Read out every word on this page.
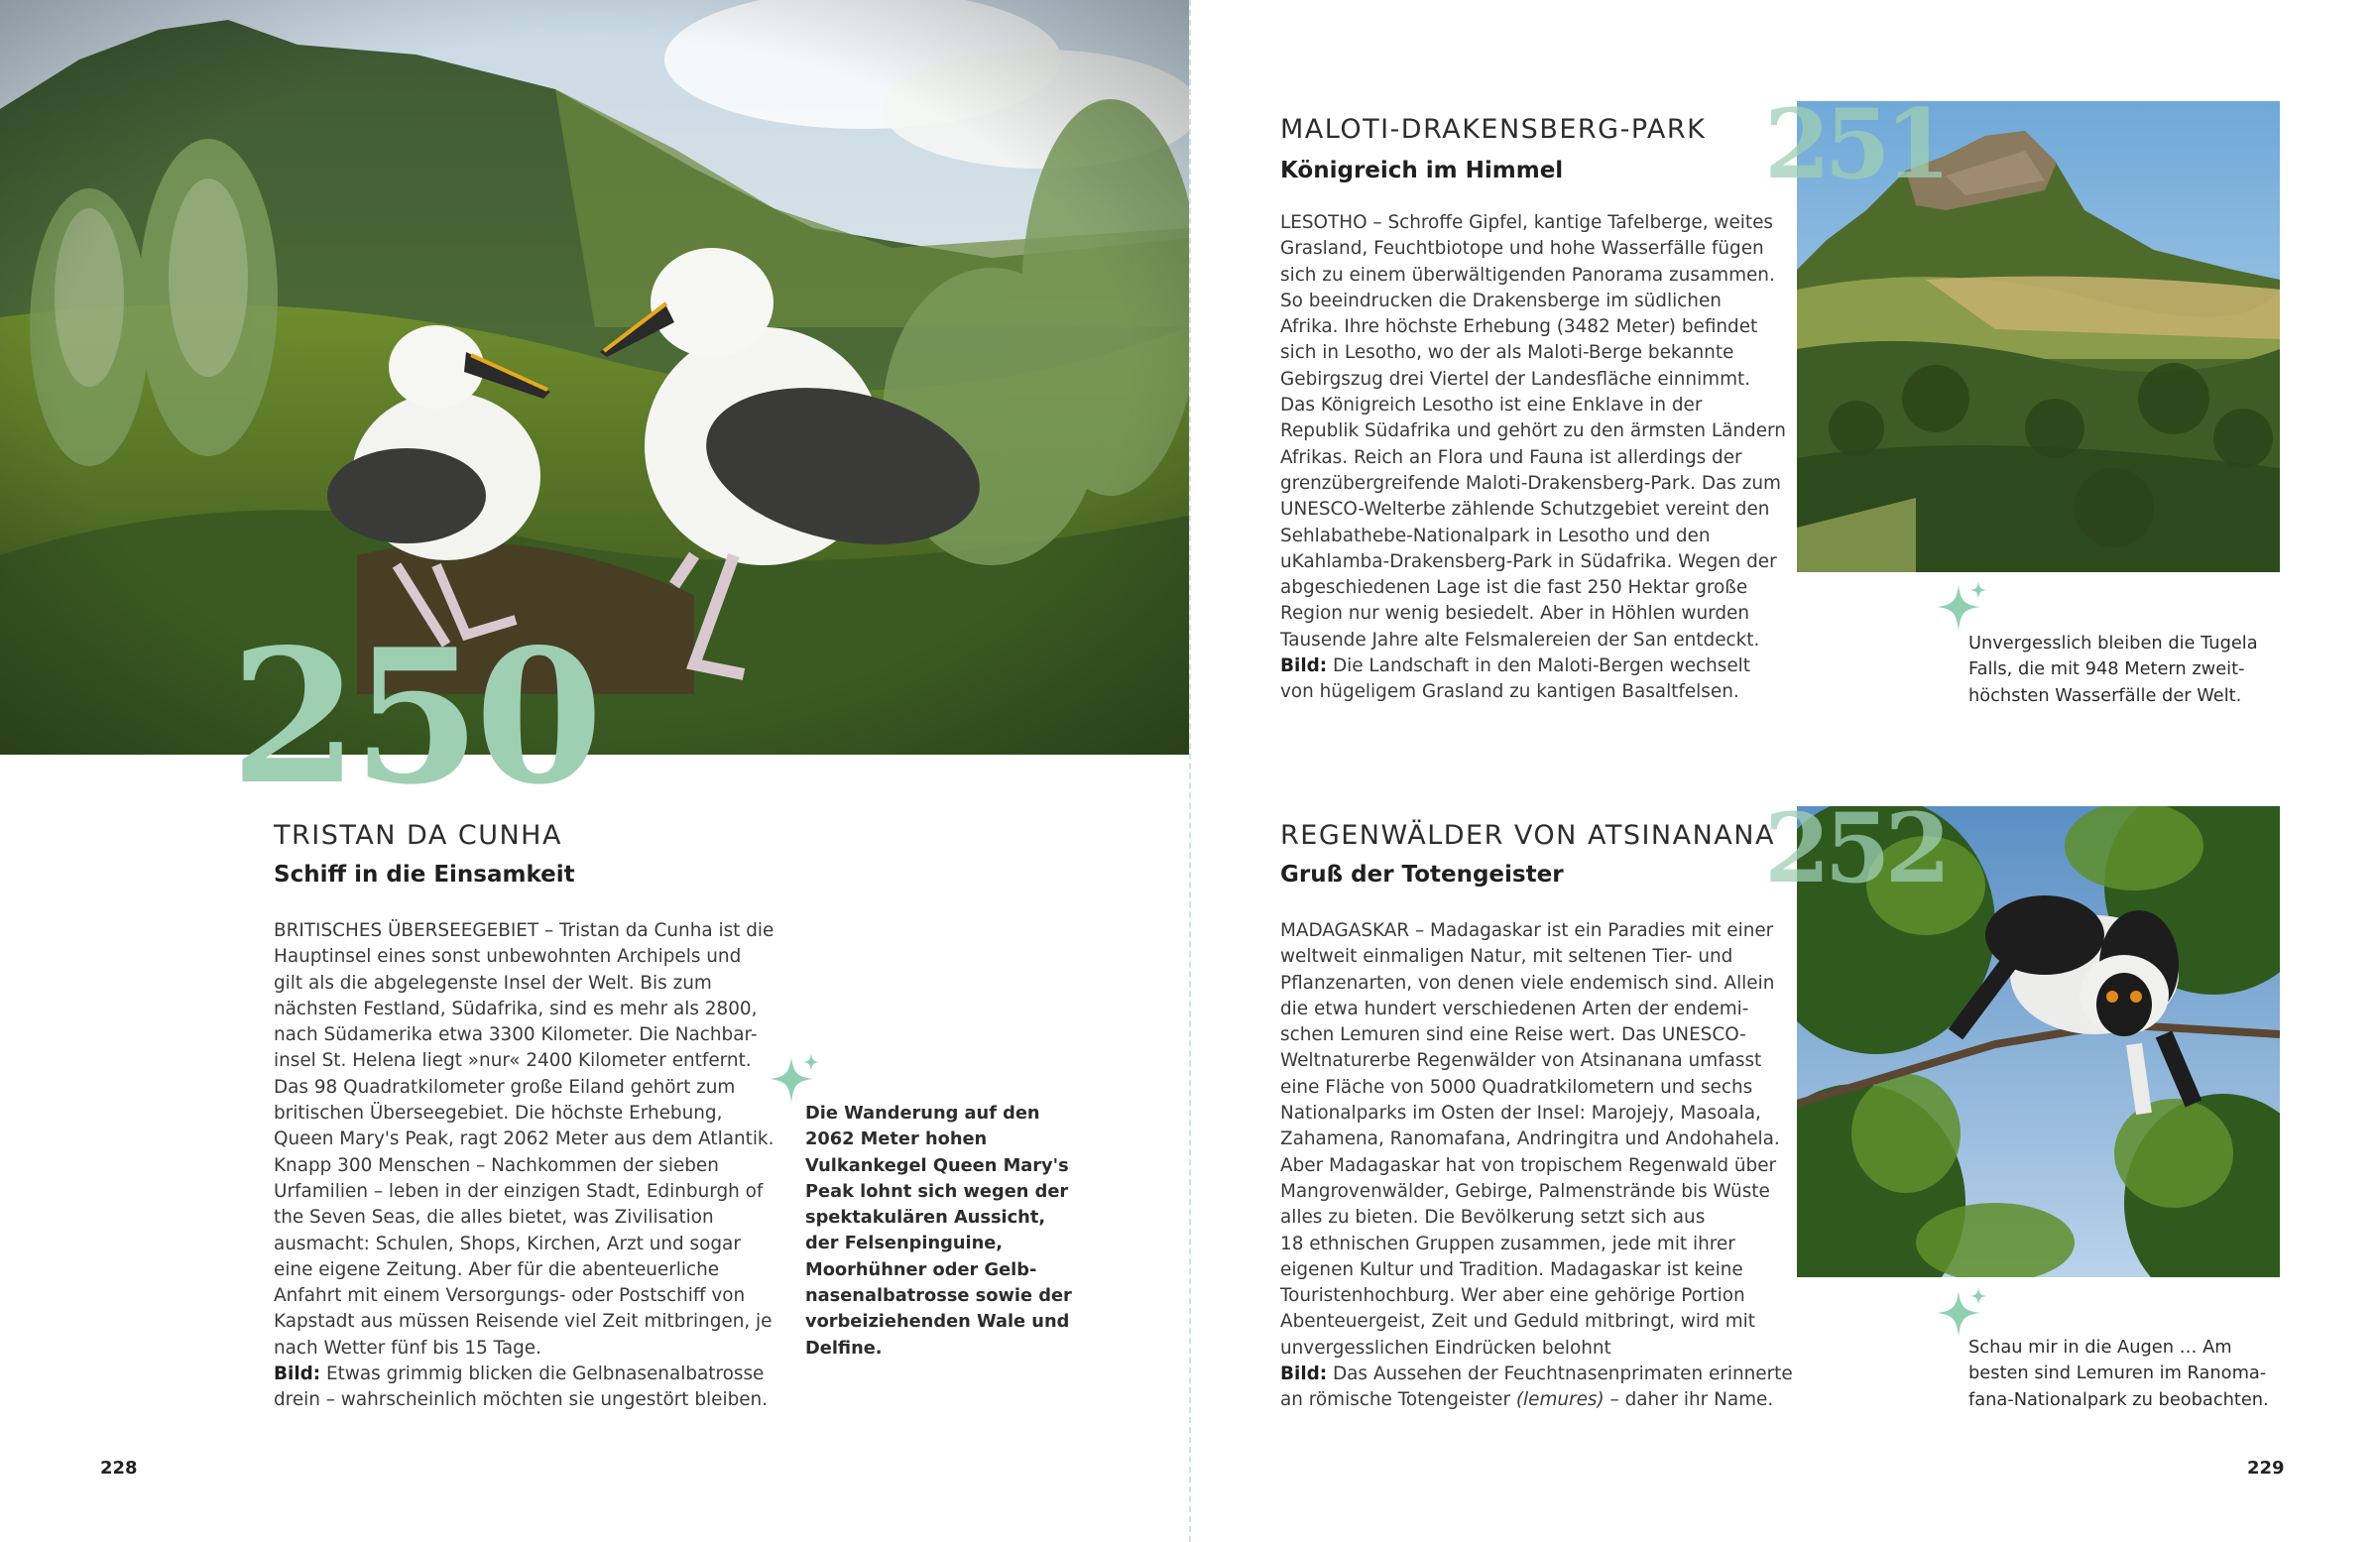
250
TRISTAN DA CUNHA
Schiff in die Einsamkeit

BRITISCHES ÜBERSEEGEBIET – Tristan da Cunha ist die

Hauptinsel eines sonst unbewohnten Archipels und

gilt als die abgelegenste Insel der Welt. Bis zum

nächsten Festland, Südafrika, sind es mehr als 2800,

nach Südamerika etwa 3300 Kilometer. Die Nachbar-

insel St. Helena liegt »nur« 2400 Kilometer entfernt.

Das 98 Quadratkilometer große Eiland gehört zum

britischen Überseegebiet. Die höchste Erhebung,

Queen Mary's Peak, ragt 2062 Meter aus dem Atlantik.

Knapp 300 Menschen – Nachkommen der sieben

Urfamilien – leben in der einzigen Stadt, Edinburgh of

the Seven Seas, die alles bietet, was Zivilisation

ausmacht: Schulen, Shops, Kirchen, Arzt und sogar

eine eigene Zeitung. Aber für die abenteuerliche

Anfahrt mit einem Versorgungs- oder Postschiff von

Kapstadt aus müssen Reisende viel Zeit mitbringen, je

nach Wetter fünf bis 15 Tage.

Bild: Etwas grimmig blicken die Gelbnasenalbatrosse

drein – wahrscheinlich möchten sie ungestört bleiben.

Die Wanderung auf den

2062 Meter hohen

Vulkankegel Queen Mary's

Peak lohnt sich wegen der

spektakulären Aussicht,

der Felsenpinguine,

Moorhühner oder Gelb-

nasenalbatrosse sowie der

vorbeiziehenden Wale und

Delfine.

228
MALOTI-DRAKENSBERG-PARK
Königreich im Himmel

LESOTHO – Schroffe Gipfel, kantige Tafelberge, weites

Grasland, Feuchtbiotope und hohe Wasserfälle fügen

sich zu einem überwältigenden Panorama zusammen.

So beeindrucken die Drakensberge im südlichen

Afrika. Ihre höchste Erhebung (3482 Meter) befindet

sich in Lesotho, wo der als Maloti-Berge bekannte

Gebirgszug drei Viertel der Landesfläche einnimmt.

Das Königreich Lesotho ist eine Enklave in der

Republik Südafrika und gehört zu den ärmsten Ländern

Afrikas. Reich an Flora und Fauna ist allerdings der

grenzübergreifende Maloti-Drakensberg-Park. Das zum

UNESCO-Welterbe zählende Schutzgebiet vereint den

Sehlabathebe-Nationalpark in Lesotho und den

uKahlamba-Drakensberg-Park in Südafrika. Wegen der

abgeschiedenen Lage ist die fast 250 Hektar große

Region nur wenig besiedelt. Aber in Höhlen wurden

Tausende Jahre alte Felsmalereien der San entdeckt.

Bild: Die Landschaft in den Maloti-Bergen wechselt

von hügeligem Grasland zu kantigen Basaltfelsen.

251

Unvergesslich bleiben die Tugela

Falls, die mit 948 Metern zweit-

höchsten Wasserfälle der Welt.

REGENWÄLDER VON ATSINANANA
Gruß der Totengeister

MADAGASKAR – Madagaskar ist ein Paradies mit einer

weltweit einmaligen Natur, mit seltenen Tier- und

Pflanzenarten, von denen viele endemisch sind. Allein

die etwa hundert verschiedenen Arten der endemi-

schen Lemuren sind eine Reise wert. Das UNESCO-

Weltnaturerbe Regenwälder von Atsinanana umfasst

eine Fläche von 5000 Quadratkilometern und sechs

Nationalparks im Osten der Insel: Marojejy, Masoala,

Zahamena, Ranomafana, Andringitra und Andohahela.

Aber Madagaskar hat von tropischem Regenwald über

Mangrovenwälder, Gebirge, Palmenstrände bis Wüste

alles zu bieten. Die Bevölkerung setzt sich aus

18 ethnischen Gruppen zusammen, jede mit ihrer

eigenen Kultur und Tradition. Madagaskar ist keine

Touristenhochburg. Wer aber eine gehörige Portion

Abenteuergeist, Zeit und Geduld mitbringt, wird mit

unvergesslichen Eindrücken belohnt

Bild: Das Aussehen der Feuchtnasenprimaten erinnerte

an römische Totengeister (lemures) – daher ihr Name.

252

Schau mir in die Augen … Am

besten sind Lemuren im Ranoma-

fana-Nationalpark zu beobachten.

229
